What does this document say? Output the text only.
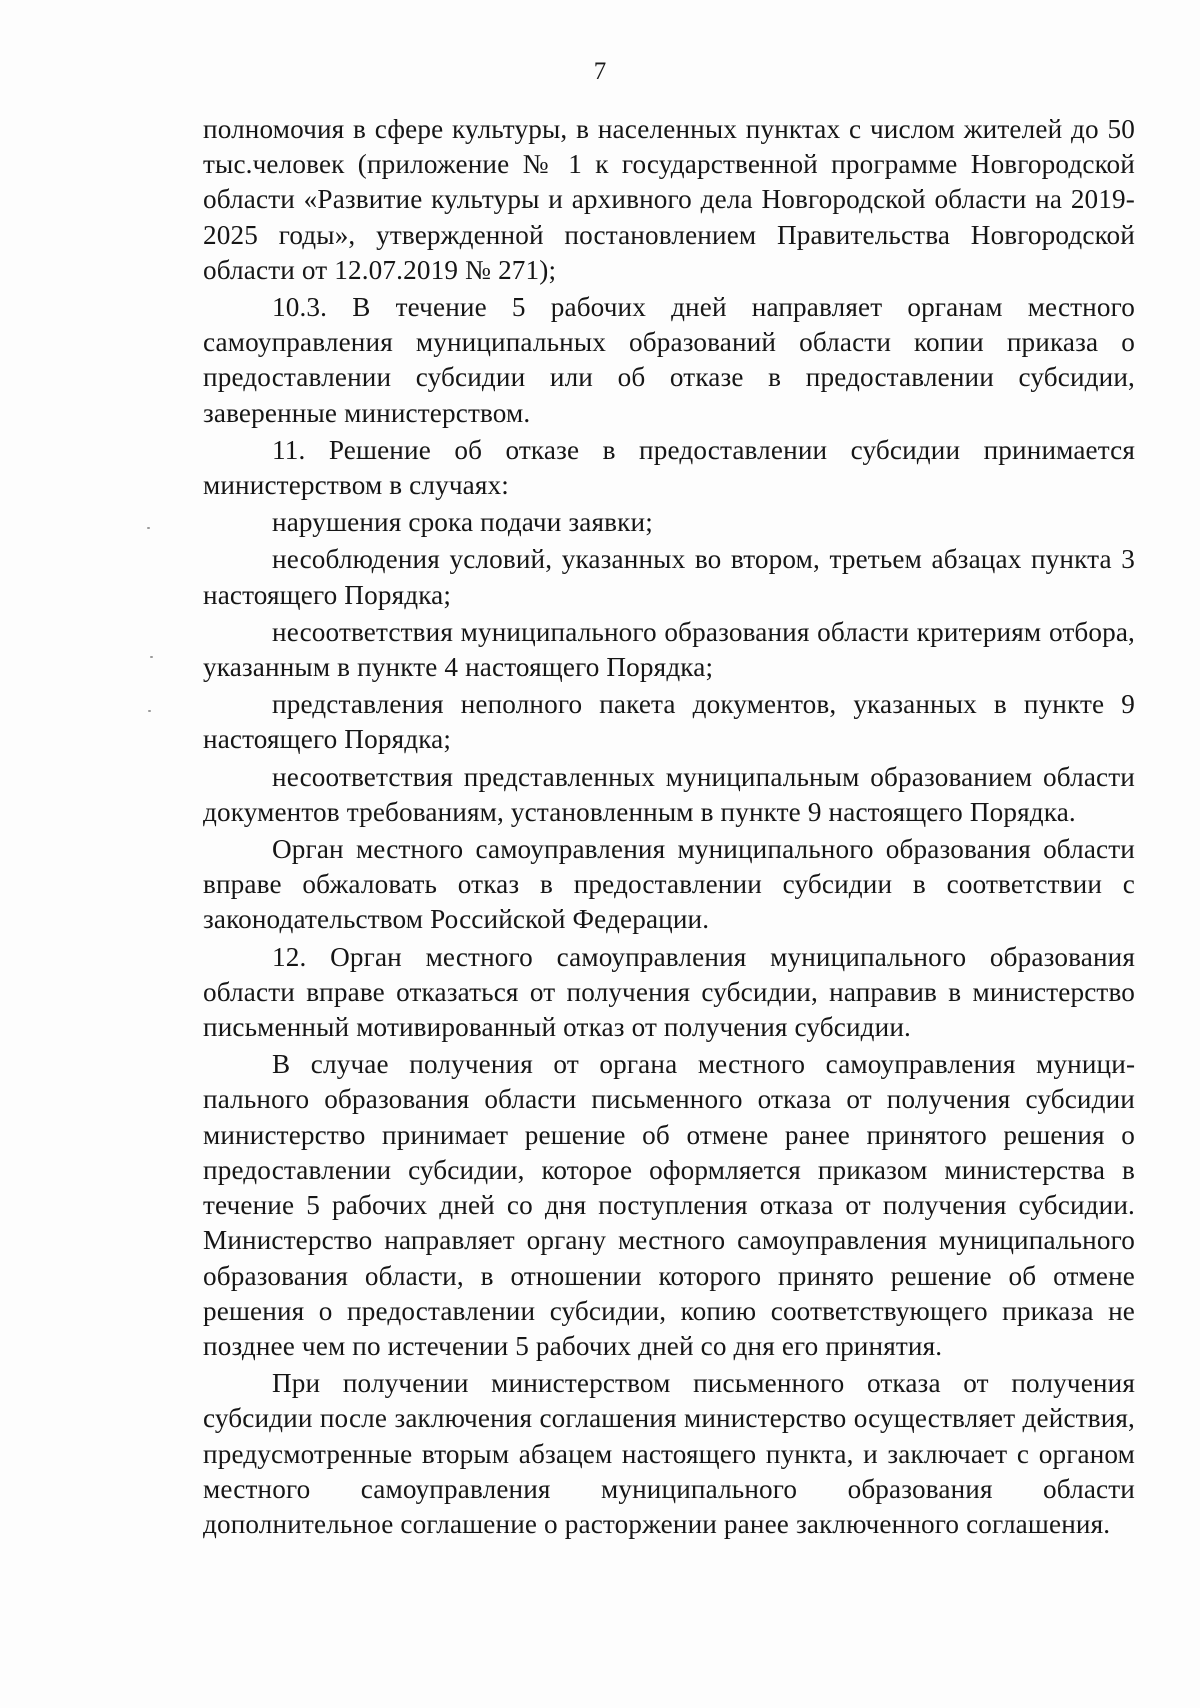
7

полномочия в сфере культуры, в населенных пунктах с числом жителей до 50 тыс.человек (приложение № 1 к государственной программе Новгородской области «Развитие культуры и архивного дела Новгородской области на 2019-2025 годы», утвержденной постановлением Правительства Новгородской области от 12.07.2019 № 271);

10.3. В течение 5 рабочих дней направляет органам местного самоуправления муниципальных образований области копии приказа о предоставлении субсидии или об отказе в предоставлении субсидии, заверенные министерством.

11. Решение об отказе в предоставлении субсидии принимается министерством в случаях:

нарушения срока подачи заявки;

несоблюдения условий, указанных во втором, третьем абзацах пункта 3 настоящего Порядка;

несоответствия муниципального образования области критериям отбора, указанным в пункте 4 настоящего Порядка;

представления неполного пакета документов, указанных в пункте 9 настоящего Порядка;

несоответствия представленных муниципальным образованием области документов требованиям, установленным в пункте 9 настоящего Порядка.

Орган местного самоуправления муниципального образования области вправе обжаловать отказ в предоставлении субсидии в соответствии с законодательством Российской Федерации.

12. Орган местного самоуправления муниципального образования области вправе отказаться от получения субсидии, направив в министерство письменный мотивированный отказ от получения субсидии.

В случае получения от органа местного самоуправления муниципального образования области письменного отказа от получения субсидии министерство принимает решение об отмене ранее принятого решения о предоставлении субсидии, которое оформляется приказом министерства в течение 5 рабочих дней со дня поступления отказа от получения субсидии. Министерство направляет органу местного самоуправления муниципального образования области, в отношении которого принято решение об отмене решения о предоставлении субсидии, копию соответствующего приказа не позднее чем по истечении 5 рабочих дней со дня его принятия.

При получении министерством письменного отказа от получения субсидии после заключения соглашения министерство осуществляет действия, предусмотренные вторым абзацем настоящего пункта, и заключает с органом местного самоуправления муниципального образования области дополнительное соглашение о расторжении ранее заключенного соглашения.
